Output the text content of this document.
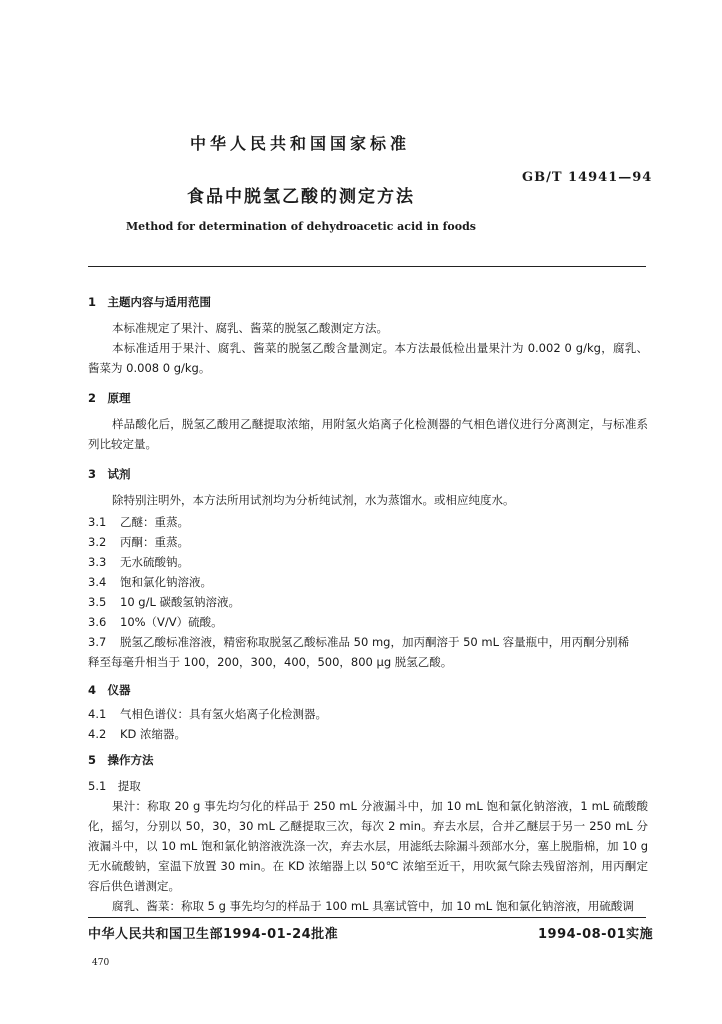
中华人民共和国国家标准
GB/T 14941—94
食品中脱氢乙酸的测定方法
Method for determination of dehydroacetic acid in foods
1　主题内容与适用范围
本标准规定了果汁、腐乳、酱菜的脱氢乙酸测定方法。
本标准适用于果汁、腐乳、酱菜的脱氢乙酸含量测定。本方法最低检出量果汁为 0.002 0 g/kg，腐乳、酱菜为 0.008 0 g/kg。
2　原理
样品酸化后，脱氢乙酸用乙醚提取浓缩，用附氢火焰离子化检测器的气相色谱仪进行分离测定，与标准系列比较定量。
3　试剂
除特别注明外，本方法所用试剂均为分析纯试剂，水为蒸馏水。或相应纯度水。
3.1 乙醚：重蒸。
3.2 丙酮：重蒸。
3.3 无水硫酸钠。
3.4 饱和氯化钠溶液。
3.5 10 g/L 碳酸氢钠溶液。
3.6 10%（V/V）硫酸。
3.7 脱氢乙酸标准溶液，精密称取脱氢乙酸标准品 50 mg，加丙酮溶于 50 mL 容量瓶中，用丙酮分别稀
释至每毫升相当于 100，200，300，400，500，800 μg 脱氢乙酸。
4　仪器
4.1 气相色谱仪：具有氢火焰离子化检测器。
4.2 KD 浓缩器。
5　操作方法
5.1　提取
果汁：称取 20 g 事先均匀化的样品于 250 mL 分液漏斗中，加 10 mL 饱和氯化钠溶液，1 mL 硫酸酸化，摇匀，分别以 50，30，30 mL 乙醚提取三次，每次 2 min。弃去水层，合并乙醚层于另一 250 mL 分液漏斗中，以 10 mL 饱和氯化钠溶液洗涤一次，弃去水层，用滤纸去除漏斗颈部水分，塞上脱脂棉，加 10 g 无水硫酸钠，室温下放置 30 min。在 KD 浓缩器上以 50℃ 浓缩至近干，用吹氮气除去残留溶剂，用丙酮定容后供色谱测定。
腐乳、酱菜：称取 5 g 事先均匀的样品于 100 mL 具塞试管中，加 10 mL 饱和氯化钠溶液，用硫酸调
中华人民共和国卫生部1994-01-24批准	1994-08-01实施
470
